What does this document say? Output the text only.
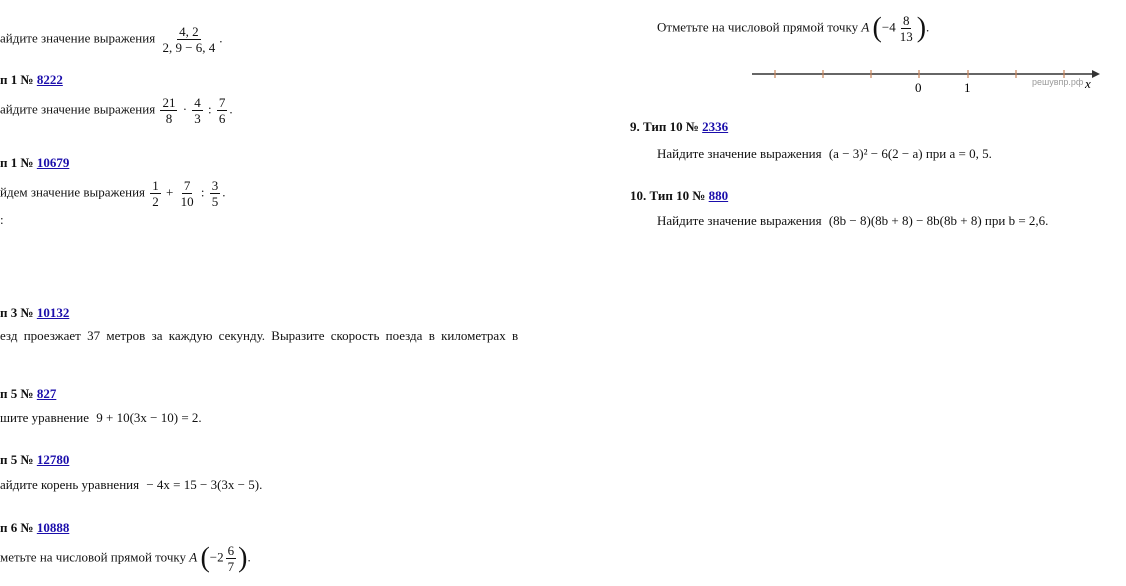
айдите значение выражения $\frac{4, 2}{2, 9 - 6, 4}$ .
п 1 № 8222
айдите значение выражения $\frac{21}{8} \cdot \frac{4}{3}$ : $\frac{7}{6}$ .
п 1 № 10679
йдем значение выражения $\frac{1}{2} + \frac{7}{10}$ : $\frac{3}{5}$ .
:
п 3 № 10132
езд проезжает 37 метров за каждую секунду. Выразите скорость поезда в километрах в
п 5 № 827
шите уравнение 9 + 10(3x − 10) = 2.
п 5 № 12780
айдите корень уравнения − 4x = 15 − 3(3x − 5).
п 6 № 10888
метьте на числовой прямой точку A ($-2 \frac{6}{7}$ ).
Отметьте на числовой прямой точку A ($-4 \frac{8}{13}$ ).
0	1	x
решувпр.рф
9. Тип 10 № 2336
Найдите значение выражения (a − 3)² − 6(2 − a) при a = 0, 5.
10. Тип 10 № 880
Найдите значение выражения (8b − 8)(8b + 8) − 8b(8b + 8) при b = 2,6.
